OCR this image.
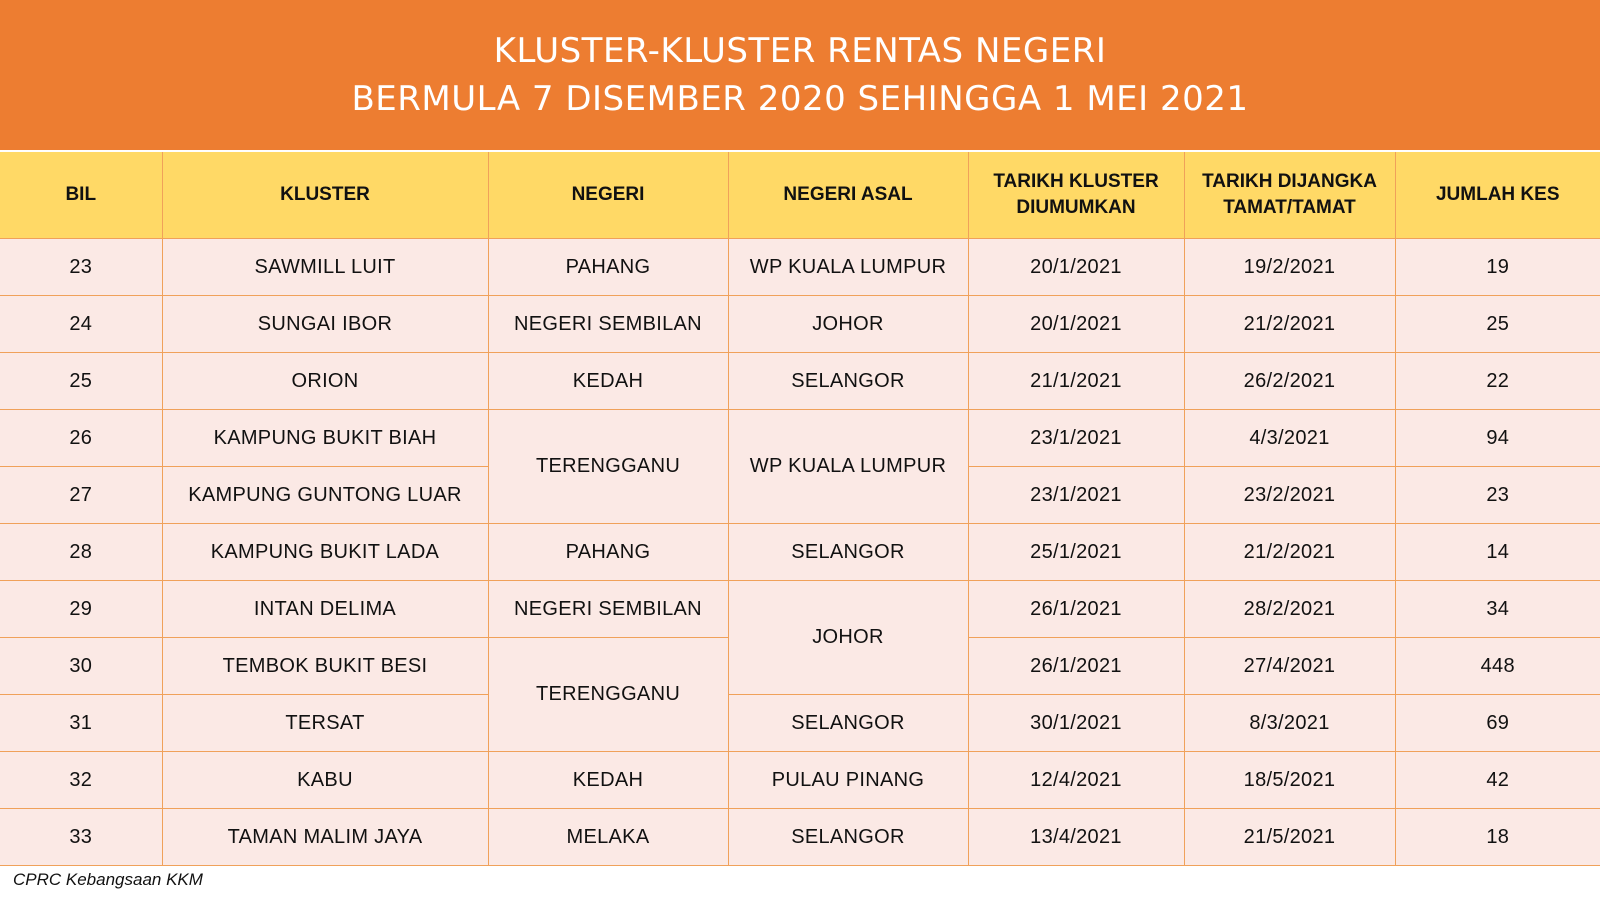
KLUSTER-KLUSTER RENTAS NEGERI
BERMULA 7 DISEMBER 2020 SEHINGGA 1 MEI 2021
BIL	KLUSTER	NEGERI	NEGERI ASAL	TARIKH KLUSTER DIUMUMKAN	TARIKH DIJANGKA TAMAT/TAMAT	JUMLAH KES
23	SAWMILL LUIT	PAHANG	WP KUALA LUMPUR	20/1/2021	19/2/2021	19
24	SUNGAI IBOR	NEGERI SEMBILAN	JOHOR	20/1/2021	21/2/2021	25
25	ORION	KEDAH	SELANGOR	21/1/2021	26/2/2021	22
26	KAMPUNG BUKIT BIAH	TERENGGANU	WP KUALA LUMPUR	23/1/2021	4/3/2021	94
27	KAMPUNG GUNTONG LUAR			23/1/2021	23/2/2021	23
28	KAMPUNG BUKIT LADA	PAHANG	SELANGOR	25/1/2021	21/2/2021	14
29	INTAN DELIMA	NEGERI SEMBILAN	JOHOR	26/1/2021	28/2/2021	34
30	TEMBOK BUKIT BESI	TERENGGANU		26/1/2021	27/4/2021	448
31	TERSAT		SELANGOR	30/1/2021	8/3/2021	69
32	KABU	KEDAH	PULAU PINANG	12/4/2021	18/5/2021	42
33	TAMAN MALIM JAYA	MELAKA	SELANGOR	13/4/2021	21/5/2021	18
CPRC Kebangsaan KKM
